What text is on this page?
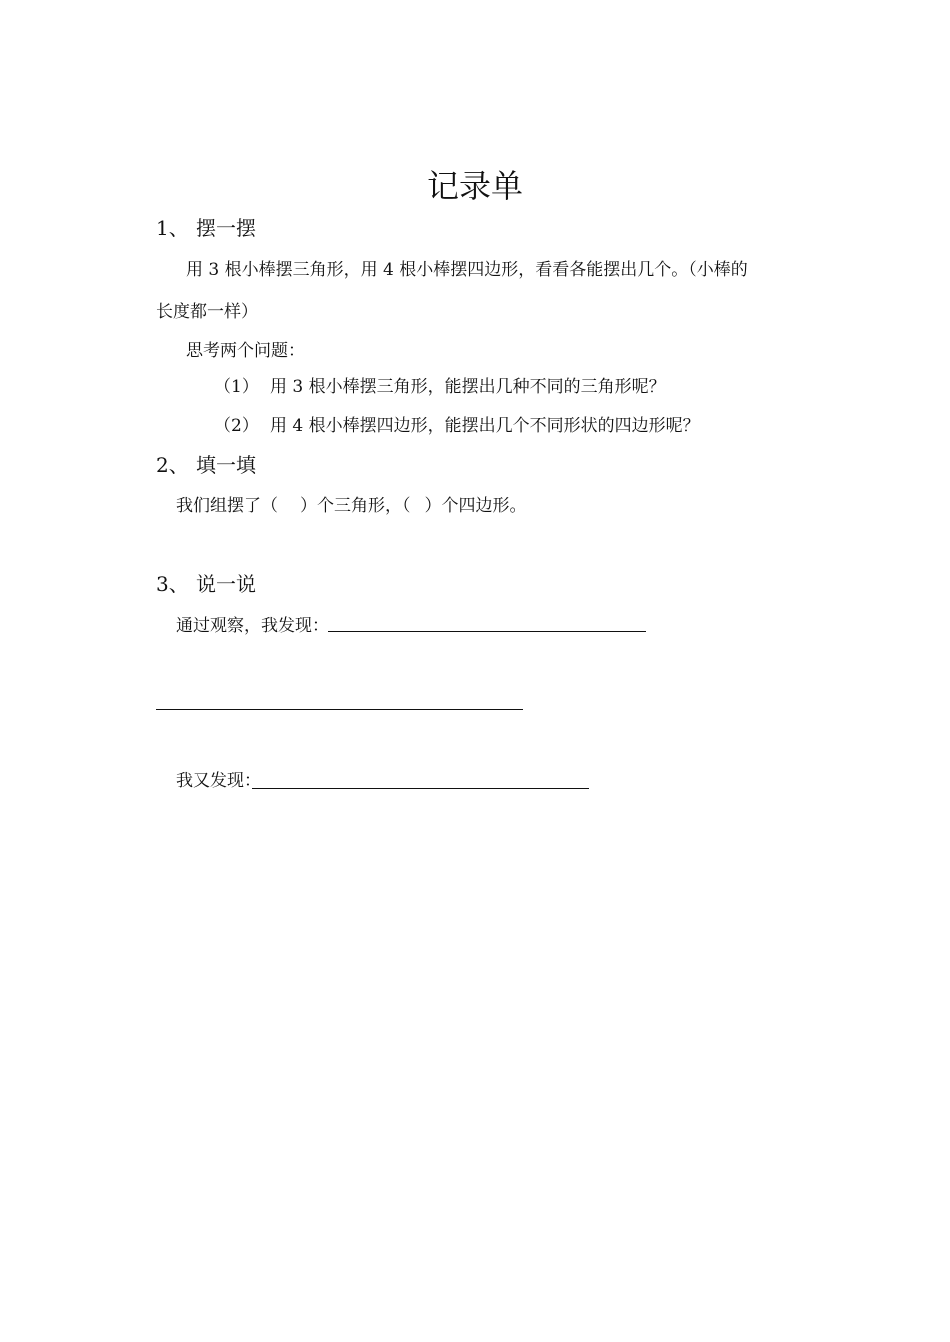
记录单
1、 摆一摆
用 3 根小棒摆三角形，用 4 根小棒摆四边形，看看各能摆出几个。（小棒的
长度都一样）
思考两个问题：
（1） 用 3 根小棒摆三角形，能摆出几种不同的三角形呢？
（2） 用 4 根小棒摆四边形，能摆出几个不同形状的四边形呢？
2、 填一填
我们组摆了（ ）个三角形，（ ）个四边形。
3、 说一说
通过观察，我发现：
我又发现：
